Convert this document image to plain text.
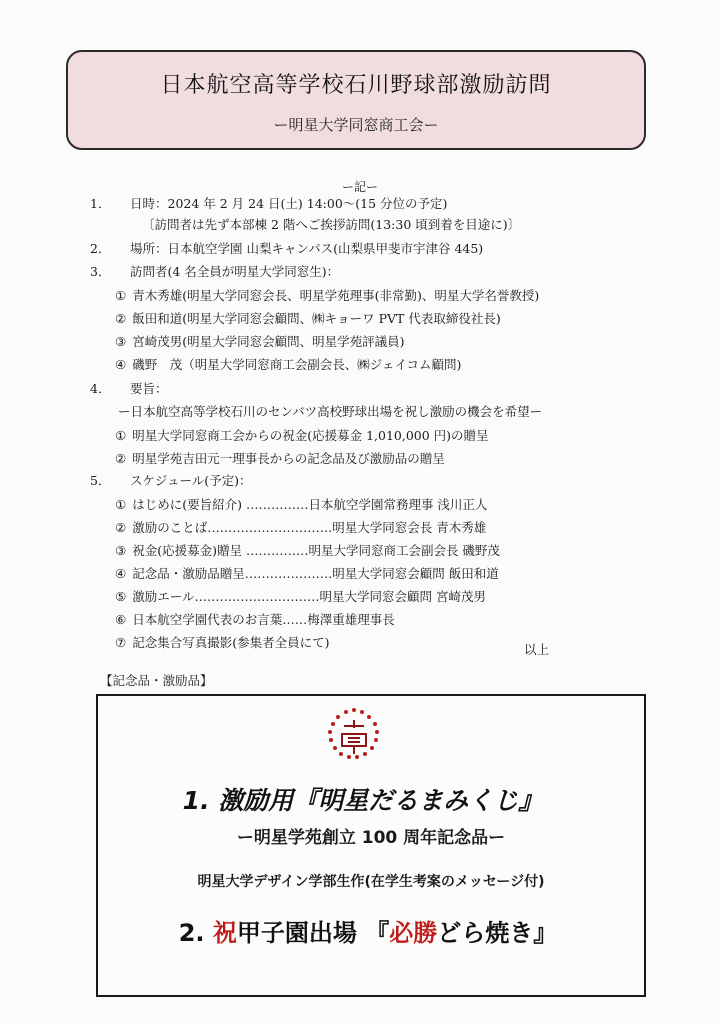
日本航空高等学校石川野球部激励訪問
ー明星大学同窓商工会ー
ー記ー
1． 日時：2024 年 2 月 24 日(土) 14:00～(15 分位の予定)
〔訪問者は先ず本部棟 2 階へご挨拶訪問(13:30 頃到着を目途に)〕
2． 場所：日本航空学園 山梨キャンパス(山梨県甲斐市宇津谷 445)
3． 訪問者(4 名全員が明星大学同窓生)：
① 青木秀雄(明星大学同窓会長、明星学苑理事(非常勤)、明星大学名誉教授)
② 飯田和道(明星大学同窓会顧問、㈱キョーワ PVT 代表取締役社長)
③ 宮崎茂男(明星大学同窓会顧問、明星学苑評議員)
④ 磯野　茂（明星大学同窓商工会副会長、㈱ジェイコム顧問)
4． 要旨：
ー日本航空高等学校石川のセンバツ高校野球出場を祝し激励の機会を希望ー
① 明星大学同窓商工会からの祝金(応援募金 1,010,000 円)の贈呈
② 明星学苑吉田元一理事長からの記念品及び激励品の贈呈
5． スケジュール(予定)：
① はじめに(要旨紹介) ……………日本航空学園常務理事 浅川正人
② 激励のことば…………………………明星大学同窓会長 青木秀雄
③ 祝金(応援募金)贈呈 ……………明星大学同窓商工会副会長 磯野茂
④ 記念品・激励品贈呈…………………明星大学同窓会顧問 飯田和道
⑤ 激励エール…………………………明星大学同窓会顧問 宮崎茂男
⑥ 日本航空学園代表のお言葉……梅澤重雄理事長
⑦ 記念集合写真撮影(参集者全員にて)	以上
【記念品・激励品】
1. 激励用『明星だるまみくじ』
ー明星学苑創立 100 周年記念品ー
明星大学デザイン学部生作(在学生考案のメッセージ付)
2. 祝甲子園出場 『必勝どら焼き』
